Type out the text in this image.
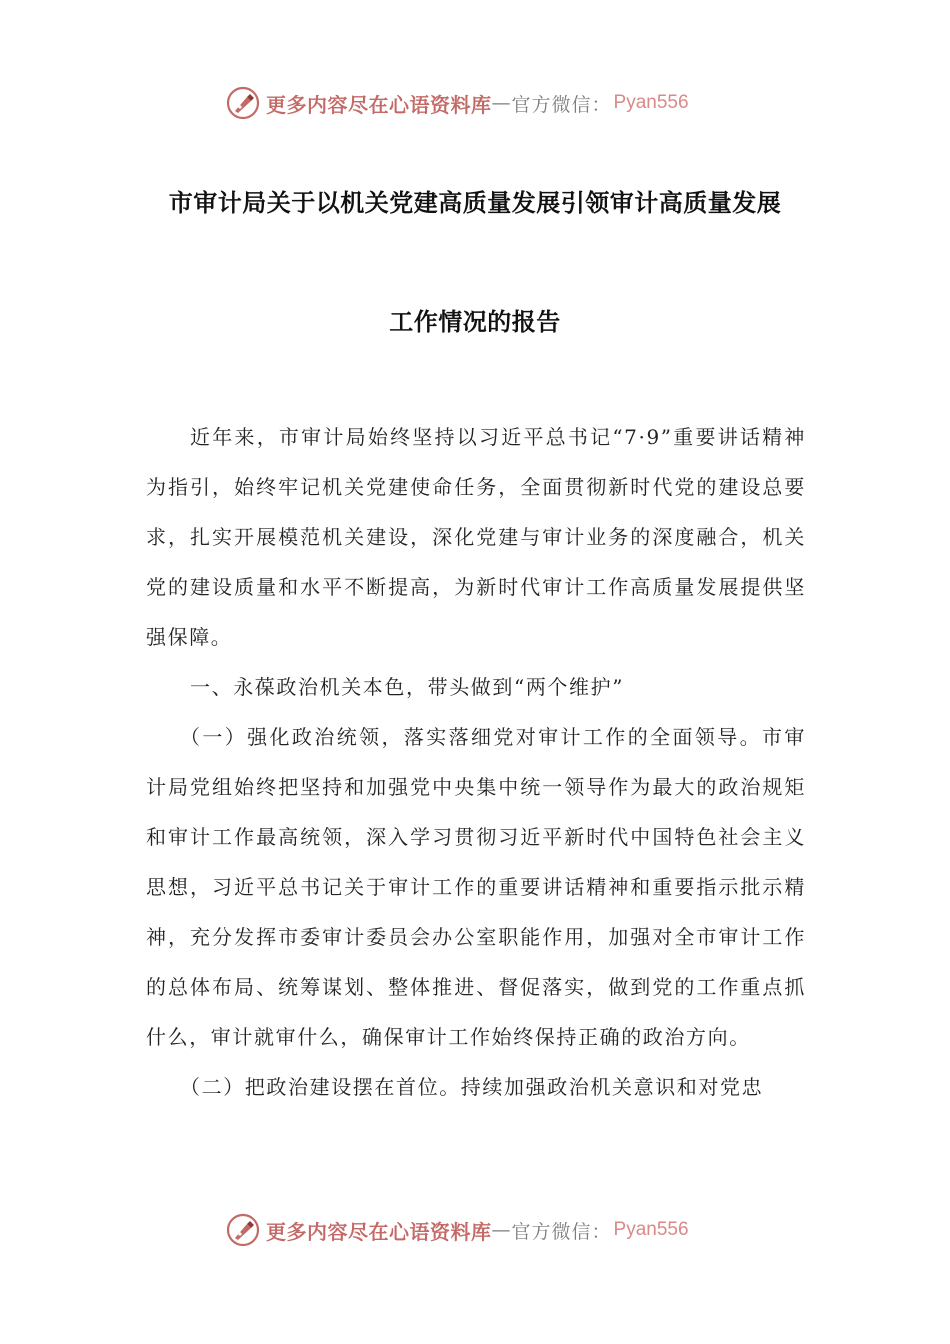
更多内容尽在心语资料库 — 官方微信： Pyan556
市审计局关于以机关党建高质量发展引领审计高质量发展
工作情况的报告

近年来，市审计局始终坚持以习近平总书记“7·9”重要讲话精神为指引，始终牢记机关党建使命任务，全面贯彻新时代党的建设总要求，扎实开展模范机关建设，深化党建与审计业务的深度融合，机关党的建设质量和水平不断提高，为新时代审计工作高质量发展提供坚强保障。

一、永葆政治机关本色，带头做到“两个维护”

（一）强化政治统领，落实落细党对审计工作的全面领导。市审计局党组始终把坚持和加强党中央集中统一领导作为最大的政治规矩和审计工作最高统领，深入学习贯彻习近平新时代中国特色社会主义思想，习近平总书记关于审计工作的重要讲话精神和重要指示批示精神，充分发挥市委审计委员会办公室职能作用，加强对全市审计工作的总体布局、统筹谋划、整体推进、督促落实，做到党的工作重点抓什么，审计就审什么，确保审计工作始终保持正确的政治方向。

（二）把政治建设摆在首位。持续加强政治机关意识和对党忠

更多内容尽在心语资料库 — 官方微信： Pyan556
